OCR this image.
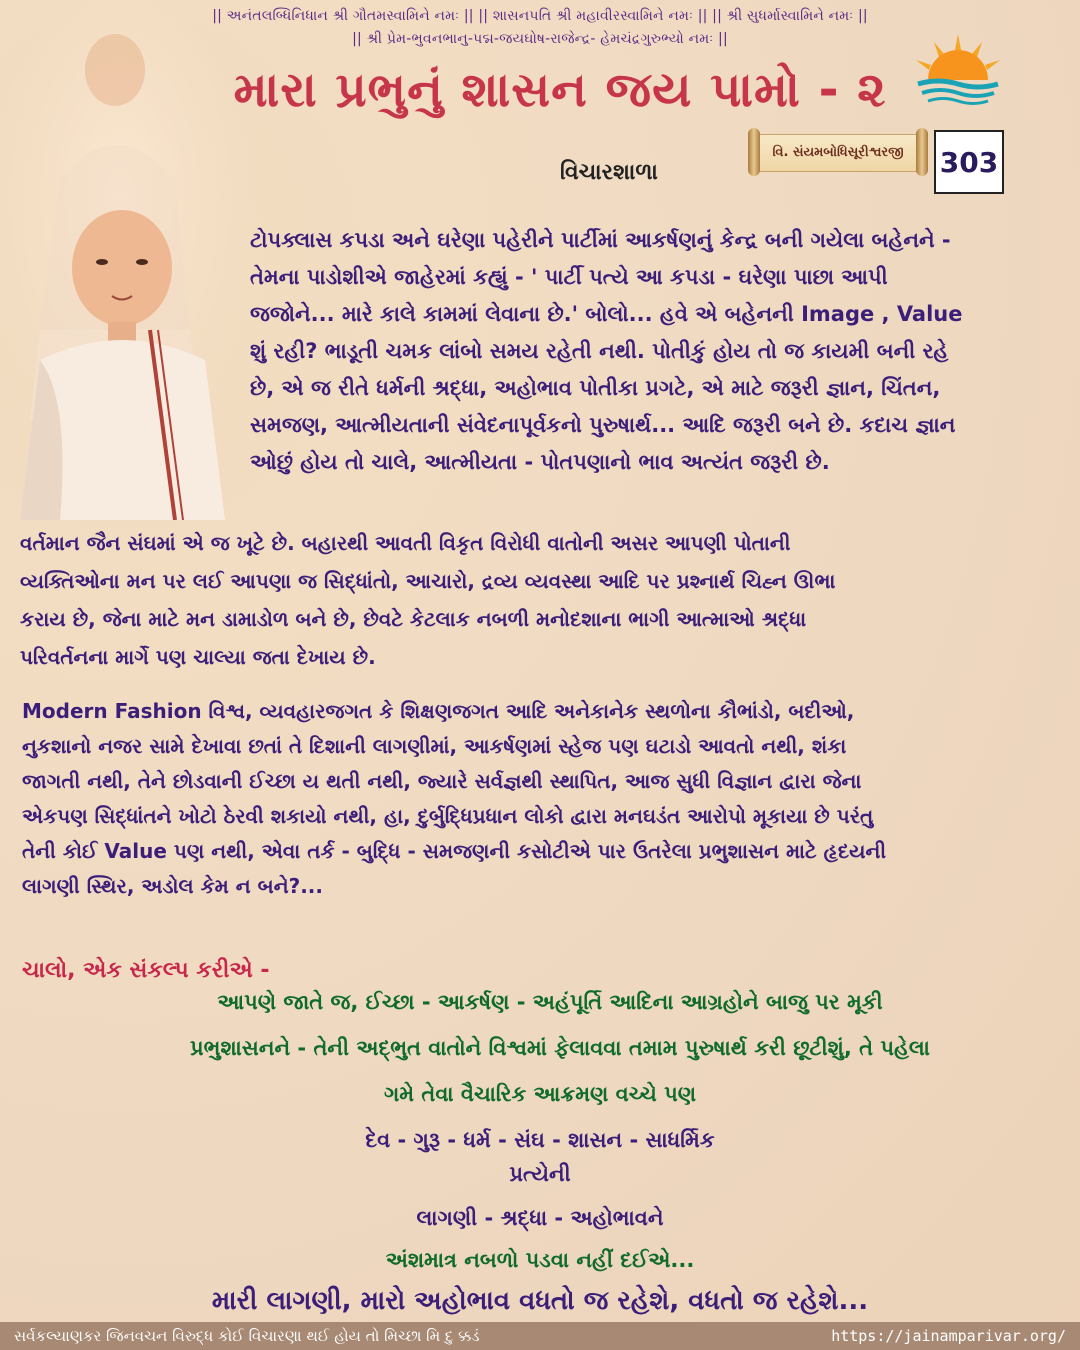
|| અનંતલબ્ધિનિધાન શ્રી ગૌતમસ્વામિને નમઃ || || શાસનપતિ શ્રી મહાવીરસ્વામિને નમઃ || || શ્રી સુધર્માસ્વામિને નમઃ ||
|| શ્રી પ્રેમ-ભુવનભાનુ-પદ્મ-જયઘોષ-રાજેન્દ્ર- હેમચંદ્રગુરુભ્યો નમઃ ||
મારા પ્રભુનું શાસન જય પામો - ૨
વિ. સંયમબોધિસૂરીશ્વરજી 303
વિચારશાળા

ટોપક્લાસ કપડા અને ઘરેણા પહેરીને પાર્ટીમાં આકર્ષણનું કેન્દ્ર બની ગયેલા બહેનને -
તેમના પાડોશીએ જાહેરમાં કહ્યું - ' પાર્ટી પત્યે આ કપડા - ઘરેણા પાછા આપી
જજોને... મારે કાલે કામમાં લેવાના છે.' બોલો... હવે એ બહેનની Image , Value
શું રહી? ભાડૂતી ચમક લાંબો સમય રહેતી નથી. પોતીકું હોય તો જ કાયમી બની રહે
છે, એ જ રીતે ધર્મની શ્રદ્ધા, અહોભાવ પોતીકા પ્રગટે, એ માટે જરૂરી જ્ઞાન, ચિંતન,
સમજણ, આત્મીયતાની સંવેદનાપૂર્વકનો પુરુષાર્થ... આદિ જરૂરી બને છે. કદાચ જ્ઞાન
ઓછું હોય તો ચાલે, આત્મીયતા - પોતપણાનો ભાવ અત્યંત જરૂરી છે.

વર્તમાન જૈન સંઘમાં એ જ ખૂટે છે. બહારથી આવતી વિકૃત વિરોધી વાતોની અસર આપણી પોતાની
વ્યક્તિઓના મન પર લઈ આપણા જ સિદ્ધાંતો, આચારો, દ્રવ્ય વ્યવસ્થા આદિ પર પ્રશ્નાર્થ ચિહ્ન ઊભા
કરાય છે, જેના માટે મન ડામાડોળ બને છે, છેવટે કેટલાક નબળી મનોદશાના ભાગી આત્માઓ શ્રદ્ધા
પરિવર્તનના માર્ગે પણ ચાલ્યા જતા દેખાય છે.

Modern Fashion વિશ્વ, વ્યવહારજગત કે શિક્ષણજગત આદિ અનેકાનેક સ્થળોના કૌભાંડો, બદીઓ,
નુકશાનો નજર સામે દેખાવા છતાં તે દિશાની લાગણીમાં, આકર્ષણમાં સ્હેજ પણ ઘટાડો આવતો નથી, શંકા
જાગતી નથી, તેને છોડવાની ઈચ્છા ય થતી નથી, જ્યારે સર્વજ્ઞથી સ્થાપિત, આજ સુધી વિજ્ઞાન દ્વારા જેના
એકપણ સિદ્ધાંતને ખોટો ઠેરવી શકાયો નથી, હા, દુર્બુદ્ધિપ્રધાન લોકો દ્વારા મનઘડંત આરોપો મૂકાયા છે પરંતુ
તેની કોઈ Value પણ નથી, એવા તર્ક - બુદ્ધિ - સમજણની કસોટીએ પાર ઉતરેલા પ્રભુશાસન માટે હૃદયની
લાગણી સ્થિર, અડોલ કેમ ન બને?...

ચાલો, એક સંકલ્પ કરીએ -
આપણે જાતે જ, ઈચ્છા - આકર્ષણ - અહંપૂર્તિ આદિના આગ્રહોને બાજુ પર મૂકી
પ્રભુશાસનને - તેની અદ્ભુત વાતોને વિશ્વમાં ફેલાવવા તમામ પુરુષાર્થ કરી છૂટીશું, તે પહેલા
ગમે તેવા વૈચારિક આક્રમણ વચ્ચે પણ
દેવ - ગુરૂ - ધર્મ - સંઘ - શાસન - સાધર્મિક
પ્રત્યેની
લાગણી - શ્રદ્ધા - અહોભાવને
અંશમાત્ર નબળો પડવા નહીં દઈએ...
મારી લાગણી, મારો અહોભાવ વધતો જ રહેશે, વધતો જ રહેશે...
સર્વકલ્યાણકર જિનવચન વિરુદ્ધ કોઈ વિચારણા થઈ હોય તો મિચ્છા મિ દુ ક્કડં	https://jainamparivar.org/
